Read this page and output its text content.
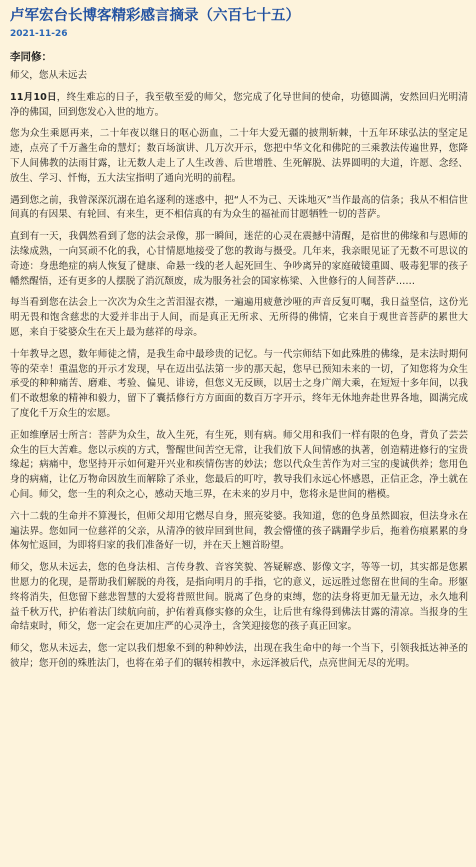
卢军宏台长博客精彩感言摘录（六百七十五）
2021-11-26
李同修：

师父，您从未远去

11月10日，终生难忘的日子，我至敬至爱的师父，您完成了化导世间的使命，功德圆满，安然回归光明清净的佛国，回到您发心入世的地方。

您为众生乘愿再来，二十年夜以继日的呕心沥血，二十年大爱无疆的披荆斩棘，十五年环球弘法的坚定足迹，点亮了千万盏生命的慧灯；数百场演讲、几万次开示，您把中华文化和佛陀的三乘教法传遍世界，您降下人间佛教的法雨甘露，让无数人走上了人生改善、后世增胜、生死解脱、法界圆明的大道，许愿、念经、放生、学习、忏悔，五大法宝指明了通向光明的前程。

遇到您之前，我曾深深沉溺在追名逐利的迷惑中，把“人不为己、天诛地灭”当作最高的信条；我从不相信世间真的有因果、有轮回、有来生，更不相信真的有为众生的福祉而甘愿牺牲一切的菩萨。

直到有一天，我偶然看到了您的法会录像，那一瞬间，迷茫的心灵在震撼中清醒，是宿世的佛缘和与恩师的法缘成熟，一向冥顽不化的我，心甘情愿地接受了您的教诲与摄受。几年来，我亲眼见证了无数不可思议的奇迹：身患绝症的病人恢复了健康、命悬一线的老人起死回生、争吵离异的家庭破镜重圆、吸毒犯罪的孩子幡然醒悟，还有更多的人摆脱了消沉颓废，成为服务社会的国家栋梁、入世修行的人间菩萨……

每当看到您在法会上一次次为众生之苦泪湿衣襟，一遍遍用疲惫沙哑的声音反复叮嘱，我日益坚信，这份光明无畏和饱含慈悲的大爱并非出于人间，而是真正无所求、无所得的佛情，它来自于观世音菩萨的累世大愿，来自于娑婆众生在天上最为慈祥的母亲。

十年教导之恩，数年师徒之情，是我生命中最珍贵的记忆。与一代宗师结下如此殊胜的佛缘，是末法时期何等的荣幸！重温您的开示才发现，早在迈出弘法第一步的那天起，您早已预知未来的一切，了知您将为众生承受的种种痛苦、磨难、考验、偏见、诽谤，但您义无反顾，以居士之身广阐大乘，在短短十多年间，以我们不敢想象的精神和毅力，留下了囊括修行方方面面的数百万字开示，终年无休地奔赴世界各地，圆满完成了度化千万众生的宏愿。

正如维摩居士所言：菩萨为众生，故入生死，有生死，则有病。师父用和我们一样有限的色身，背负了芸芸众生的巨大苦难。您以示疾的方式，警醒世间苦空无常，让我们放下人间情感的执著，创造精进修行的宝贵缘起；病痛中，您坚持开示如何避开兴业和疾情伤害的妙法；您以代众生苦作为对三宝的虔诚供养；您用色身的病痛，让亿万物命因放生而解除了杀业，您最后的叮咛，教导我们永远心怀感恩，正信正念，净土就在心间。师父，您一生的利众之心，感动天地三界，在未来的岁月中，您将永是世间的楷模。

六十二载的生命并不算漫长，但师父却用它燃尽自身，照亮娑婆。我知道，您的色身虽然圆寂，但法身永在遍法界。您如同一位慈祥的父亲，从清净的彼岸回到世间，教会懵懂的孩子蹒跚学步后，拖着伤痕累累的身体匆忙返回，为即将归家的我们准备好一切，并在天上翘首盼望。

师父，您从未远去，您的色身法相、言传身教、音容笑貌、答疑解惑、影像文字，等等一切，其实都是您累世愿力的化现，是帮助我们解脱的舟筏，是指向明月的手指，它的意义，远远胜过您留在世间的生命。形躯终将消失，但您留下慈悲智慧的大爱将普照世间。脱离了色身的束缚，您的法身将更加无量无边，永久地利益千秋万代，护佑着法门续航向前，护佑着真修实修的众生，让后世有缘得到佛法甘露的清凉。当报身的生命结束时，师父，您一定会在更加庄严的心灵净土，含笑迎接您的孩子真正回家。

师父，您从未远去，您一定以我们想象不到的种种妙法，出现在我生命中的每一个当下，引领我抵达神圣的彼岸；您开创的殊胜法门，也将在弟子们的辗转相教中，永远泽被后代，点亮世间无尽的光明。
